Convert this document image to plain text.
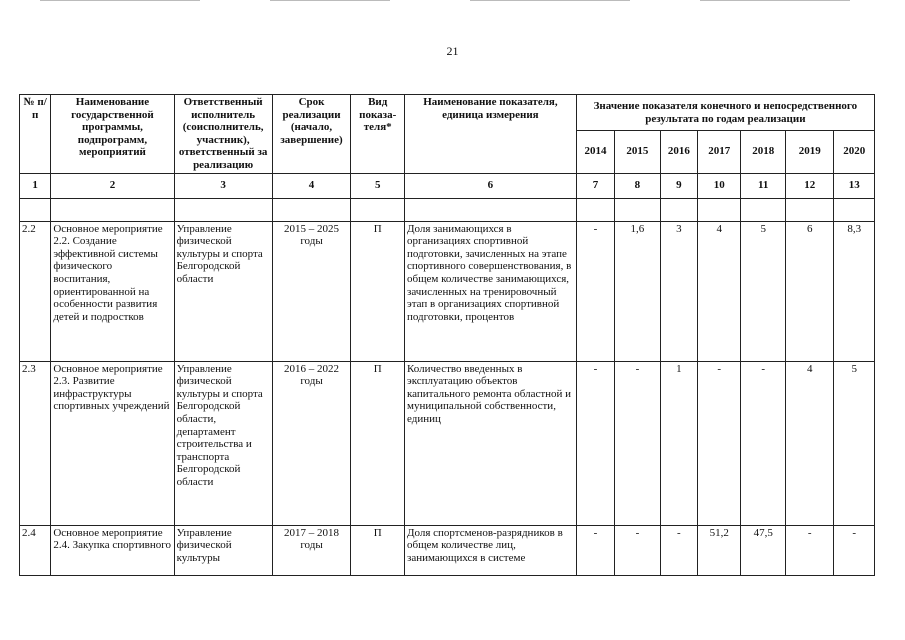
21
№ п/п	Наименование государственной программы, подпрограмм, мероприятий	Ответственный исполнитель (соисполнитель, участник), ответственный за реализацию	Срок реализации (начало, завершение)	Вид показа-теля*	Наименование показателя, единица измерения	Значение показателя конечного и непосредственного результата по годам реализации						
						2014	2015	2016	2017	2018	2019	2020
1	2	3	4	5	6	7	8	9	10	11	12	13

2.2	Основное мероприятие 2.2. Создание эффективной системы физического воспитания, ориентированной на особенности развития детей и подростков	Управление физической культуры и спорта Белгородской области	2015 – 2025 годы	П	Доля занимающихся в организациях спортивной подготовки, зачисленных на этапе спортивного совершенствования, в общем количестве занимающихся, зачисленных на тренировочный этап в организациях спортивной подготовки, процентов	-	1,6	3	4	5	6	8,3
2.3	Основное мероприятие 2.3. Развитие инфраструктуры спортивных учреждений	Управление физической культуры и спорта Белгородской области, департамент строительства и транспорта Белгородской области	2016 – 2022 годы	П	Количество введенных в эксплуатацию объектов капитального ремонта областной и муниципальной собственности, единиц	-	-	1	-	-	4	5
2.4	Основное мероприятие 2.4. Закупка спортивного	Управление физической культуры	2017 – 2018 годы	П	Доля спортсменов-разрядников в общем количестве лиц, занимающихся в системе	-	-	-	51,2	47,5	-	-
